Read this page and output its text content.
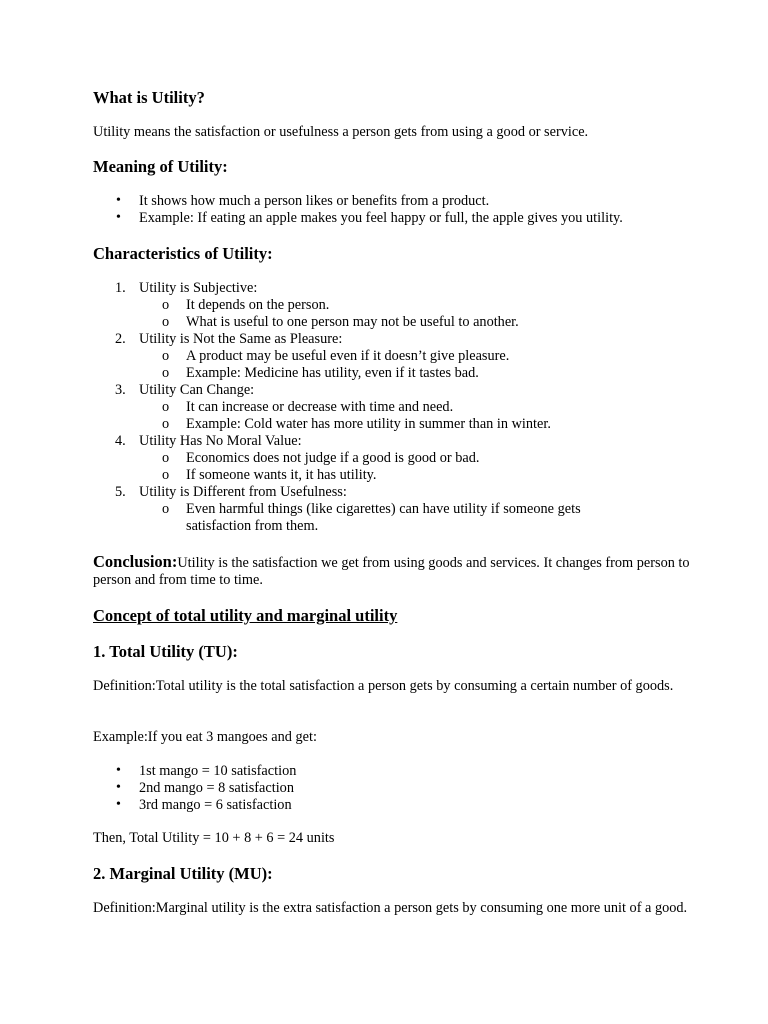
What is Utility?

Utility means the satisfaction or usefulness a person gets from using a good or service.

Meaning of Utility:
• It shows how much a person likes or benefits from a product.
• Example: If eating an apple makes you feel happy or full, the apple gives you utility.
Characteristics of Utility:
1. Utility is Subjective:
o It depends on the person.
o What is useful to one person may not be useful to another.
2. Utility is Not the Same as Pleasure:
o A product may be useful even if it doesn’t give pleasure.
o Example: Medicine has utility, even if it tastes bad.
3. Utility Can Change:
o It can increase or decrease with time and need.
o Example: Cold water has more utility in summer than in winter.
4. Utility Has No Moral Value:
o Economics does not judge if a good is good or bad.
o If someone wants it, it has utility.
5. Utility is Different from Usefulness:
o Even harmful things (like cigarettes) can have utility if someone gets satisfaction from them.

Conclusion:Utility is the satisfaction we get from using goods and services. It changes from person to person and from time to time.

Concept of total utility and marginal utility
1. Total Utility (TU):

Definition:Total utility is the total satisfaction a person gets by consuming a certain number of goods.

Example:If you eat 3 mangoes and get:

• 1st mango = 10 satisfaction
• 2nd mango = 8 satisfaction
• 3rd mango = 6 satisfaction

Then, Total Utility = 10 + 8 + 6 = 24 units

2. Marginal Utility (MU):

Definition:Marginal utility is the extra satisfaction a person gets by consuming one more unit of a good.
